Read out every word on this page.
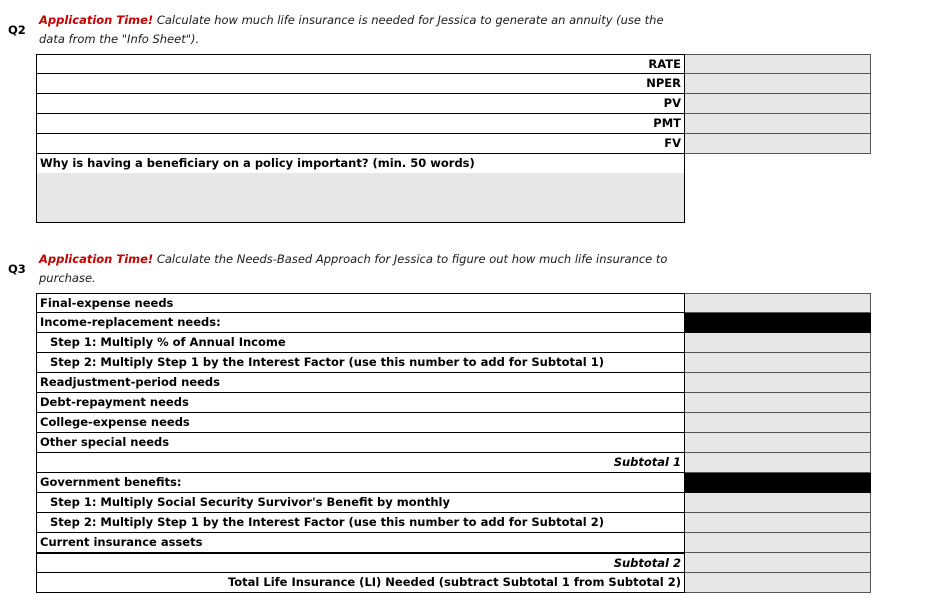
Q2
Application Time! Calculate how much life insurance is needed for Jessica to generate an annuity (use the
data from the "Info Sheet").
RATE
NPER
PV
PMT
FV
Why is having a beneficiary on a policy important? (min. 50 words)
Q3
Application Time! Calculate the Needs-Based Approach for Jessica to figure out how much life insurance to
purchase.
Final-expense needs
Income-replacement needs:
Step 1: Multiply % of Annual Income
Step 2: Multiply Step 1 by the Interest Factor (use this number to add for Subtotal 1)
Readjustment-period needs
Debt-repayment needs
College-expense needs
Other special needs
Subtotal 1
Government benefits:
Step 1: Multiply Social Security Survivor's Benefit by monthly
Step 2: Multiply Step 1 by the Interest Factor (use this number to add for Subtotal 2)
Current insurance assets
Subtotal 2
Total Life Insurance (LI) Needed (subtract Subtotal 1 from Subtotal 2)
